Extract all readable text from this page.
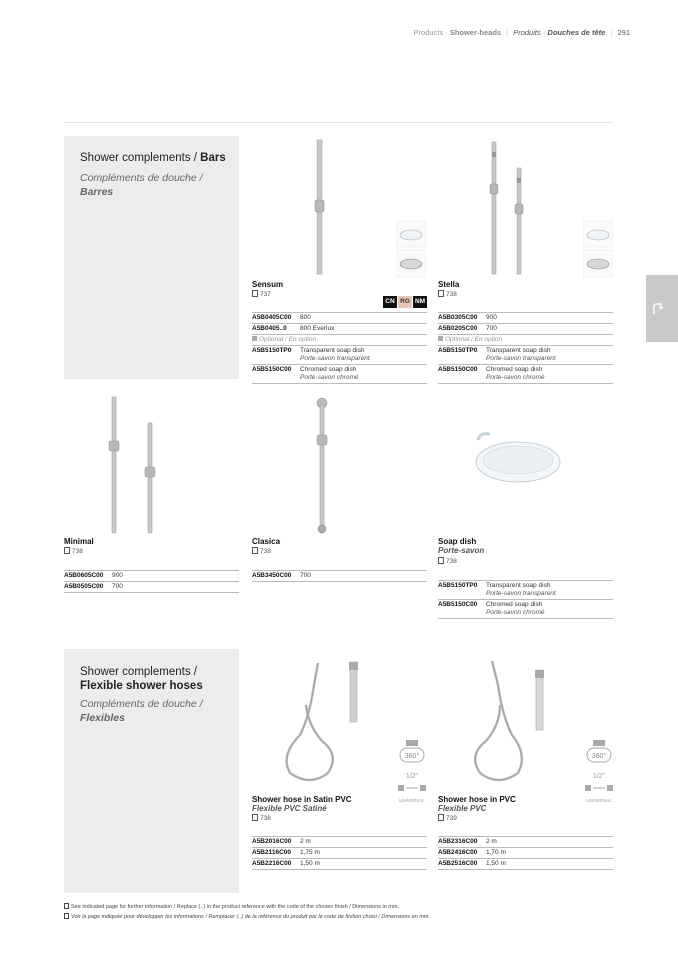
Products · Shower-heads | Produits · Douches de tête | 291
Shower complements / Bars
Compléments de douche /
Barres
Sensum
737
CN RG NM
A5B0405C00	800
A5B0405..0	800 Everlux
Optional / En option
A5B5150TP0	Transparent soap dish
Porte-savon transparent
A5B5150C00	Chromed soap dish
Porte-savon chromé
Stella
738
A5B0305C00	900
A5B0205C00	700
Optional / En option
A5B5150TP0	Transparent soap dish
Porte-savon transparent
A5B5150C00	Chromed soap dish
Porte-savon chromé
Minimal
738
A5B0605C00	900
A5B0505C00	700
Clasica
738
A5B3450C00	700
Soap dish
Porte-savon
738
A5B5150TP0	Transparent soap dish
Porte-savon transparent
A5B5150C00	Chromed soap dish
Porte-savon chromé
Shower complements /
Flexible shower hoses
Compléments de douche /
Flexibles
360°
1/2"
UNIVERSAL
Shower hose in Satin PVC
Flexible PVC Satiné
738
A5B2016C00	2 m
A5B2116C00	1,75 m
A5B2216C00	1,50 m
360°
1/2"
UNIVERSAL
Shower hose in PVC
Flexible PVC
739
A5B2316C00	2 m
A5B2416C00	1,70 m
A5B2516C00	1,50 m
See indicated page for further information / Replace (..) in the product reference with the code of the chosen finish / Dimensions in mm.
Voir la page indiquée pour développer les informations / Remplacer (..) de la référence du produit par le code de finition choisi / Dimensions en mm.
